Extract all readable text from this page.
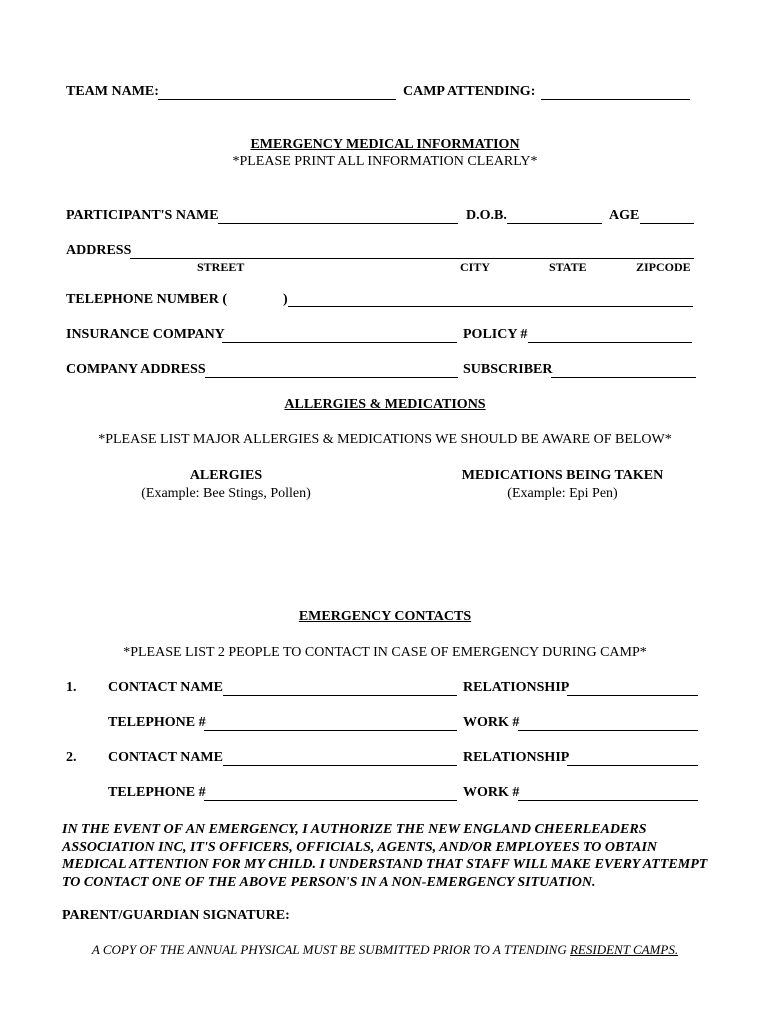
TEAM NAME:	CAMP ATTENDING:
EMERGENCY MEDICAL INFORMATION
*PLEASE PRINT ALL INFORMATION CLEARLY*
PARTICIPANT'S NAME	D.O.B.	AGE
ADDRESS
STREET	CITY	STATE	ZIPCODE
TELEPHONE NUMBER (	)
INSURANCE COMPANY	POLICY #
COMPANY ADDRESS	SUBSCRIBER
ALLERGIES & MEDICATIONS
*PLEASE LIST MAJOR ALLERGIES & MEDICATIONS WE SHOULD BE AWARE OF BELOW*
ALERGIES
(Example: Bee Stings, Pollen)
MEDICATIONS BEING TAKEN
(Example: Epi Pen)
EMERGENCY CONTACTS
*PLEASE LIST 2 PEOPLE TO CONTACT IN CASE OF EMERGENCY DURING CAMP*
1. CONTACT NAME	RELATIONSHIP
TELEPHONE #	WORK #
2. CONTACT NAME	RELATIONSHIP
TELEPHONE #	WORK #
IN THE EVENT OF AN EMERGENCY, I AUTHORIZE THE NEW ENGLAND CHEERLEADERS ASSOCIATION INC, IT'S OFFICERS, OFFICIALS, AGENTS, AND/OR EMPLOYEES TO OBTAIN MEDICAL ATTENTION FOR MY CHILD. I UNDERSTAND THAT STAFF WILL MAKE EVERY ATTEMPT TO CONTACT ONE OF THE ABOVE PERSON'S IN A NON-EMERGENCY SITUATION.
PARENT/GUARDIAN SIGNATURE:
A COPY OF THE ANNUAL PHYSICAL MUST BE SUBMITTED PRIOR TO A TTENDING RESIDENT CAMPS.
